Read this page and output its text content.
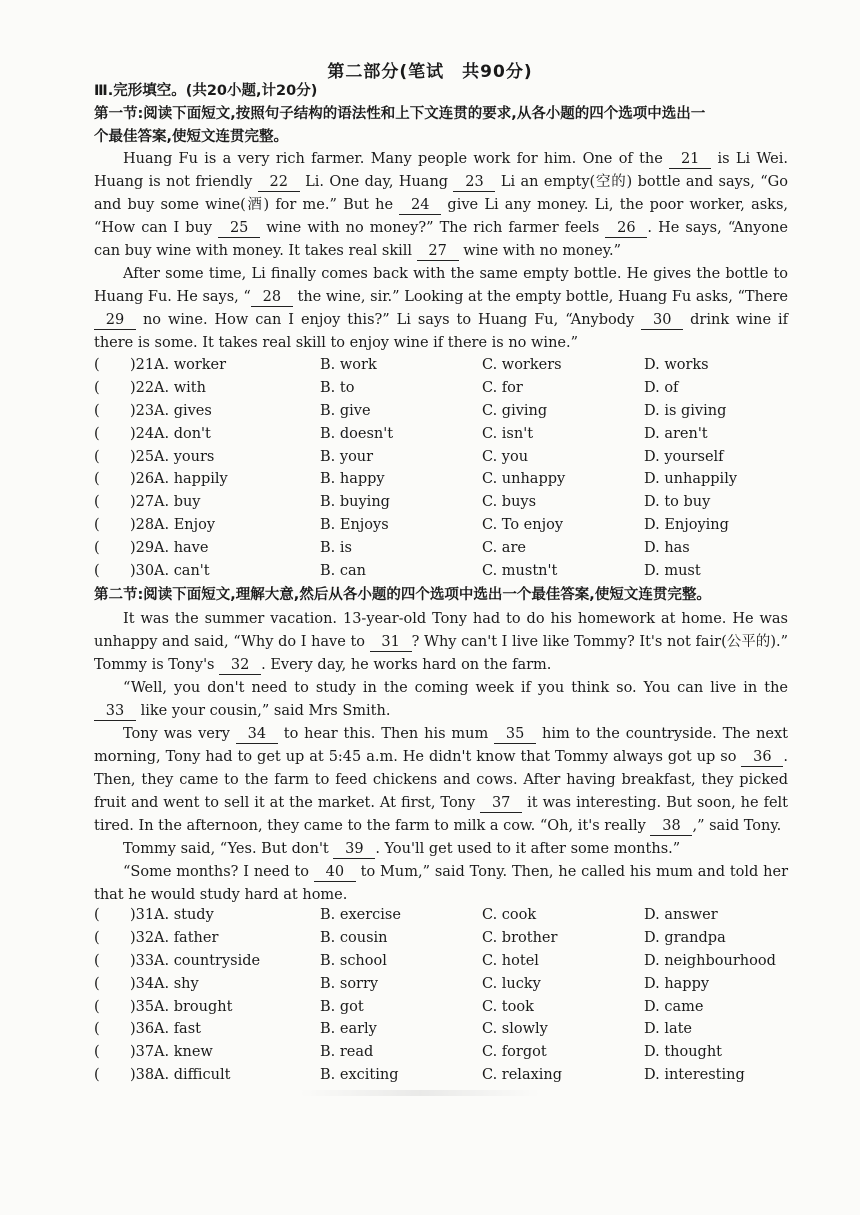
第二部分(笔试　共90分)
Ⅲ.完形填空。(共20小题,计20分)
第一节:阅读下面短文,按照句子结构的语法性和上下文连贯的要求,从各小题的四个选项中选出一
个最佳答案,使短文连贯完整。

Huang Fu is a very rich farmer. Many people work for him. One of the 21 is Li Wei. Huang is not friendly 22 Li. One day, Huang 23 Li an empty(空的) bottle and says, “Go and buy some wine(酒) for me.” But he 24 give Li any money. Li, the poor worker, asks, “How can I buy 25 wine with no money?” The rich farmer feels 26 . He says, “Anyone can buy wine with money. It takes real skill 27 wine with no money.”

After some time, Li finally comes back with the same empty bottle. He gives the bottle to Huang Fu. He says, “ 28 the wine, sir.” Looking at the empty bottle, Huang Fu asks, “There 29 no wine. How can I enjoy this?” Li says to Huang Fu, “Anybody 30 drink wine if there is some. It takes real skill to enjoy wine if there is no wine.”

( )21.
A. worker	B. work	C. workers	D. works
( )22.
A. with	B. to	C. for	D. of
( )23.
A. gives	B. give	C. giving	D. is giving
( )24.
A. don't	B. doesn't	C. isn't	D. aren't
( )25.
A. yours	B. your	C. you	D. yourself
( )26.
A. happily	B. happy	C. unhappy	D. unhappily
( )27.
A. buy	B. buying	C. buys	D. to buy
( )28.
A. Enjoy	B. Enjoys	C. To enjoy	D. Enjoying
( )29.
A. have	B. is	C. are	D. has
( )30.
A. can't	B. can	C. mustn't	D. must
第二节:阅读下面短文,理解大意,然后从各小题的四个选项中选出一个最佳答案,使短文连贯完整。

It was the summer vacation. 13-year-old Tony had to do his homework at home. He was unhappy and said, “Why do I have to 31 ? Why can't I live like Tommy? It's not fair(公平的).” Tommy is Tony's 32 . Every day, he works hard on the farm.

“Well, you don't need to study in the coming week if you think so. You can live in the 33 like your cousin,” said Mrs Smith.

Tony was very 34 to hear this. Then his mum 35 him to the countryside. The next morning, Tony had to get up at 5:45 a.m. He didn't know that Tommy always got up so 36 . Then, they came to the farm to feed chickens and cows. After having breakfast, they picked fruit and went to sell it at the market. At first, Tony 37 it was interesting. But soon, he felt tired. In the afternoon, they came to the farm to milk a cow. “Oh, it's really 38 ,” said Tony.

Tommy said, “Yes. But don't 39 . You'll get used to it after some months.”

“Some months? I need to 40 to Mum,” said Tony. Then, he called his mum and told her that he would study hard at home.

( )31.
A. study	B. exercise	C. cook	D. answer
( )32.
A. father	B. cousin	C. brother	D. grandpa
( )33.
A. countryside	B. school	C. hotel	D. neighbourhood
( )34.
A. shy	B. sorry	C. lucky	D. happy
( )35.
A. brought	B. got	C. took	D. came
( )36.
A. fast	B. early	C. slowly	D. late
( )37.
A. knew	B. read	C. forgot	D. thought
( )38.
A. difficult	B. exciting	C. relaxing	D. interesting
